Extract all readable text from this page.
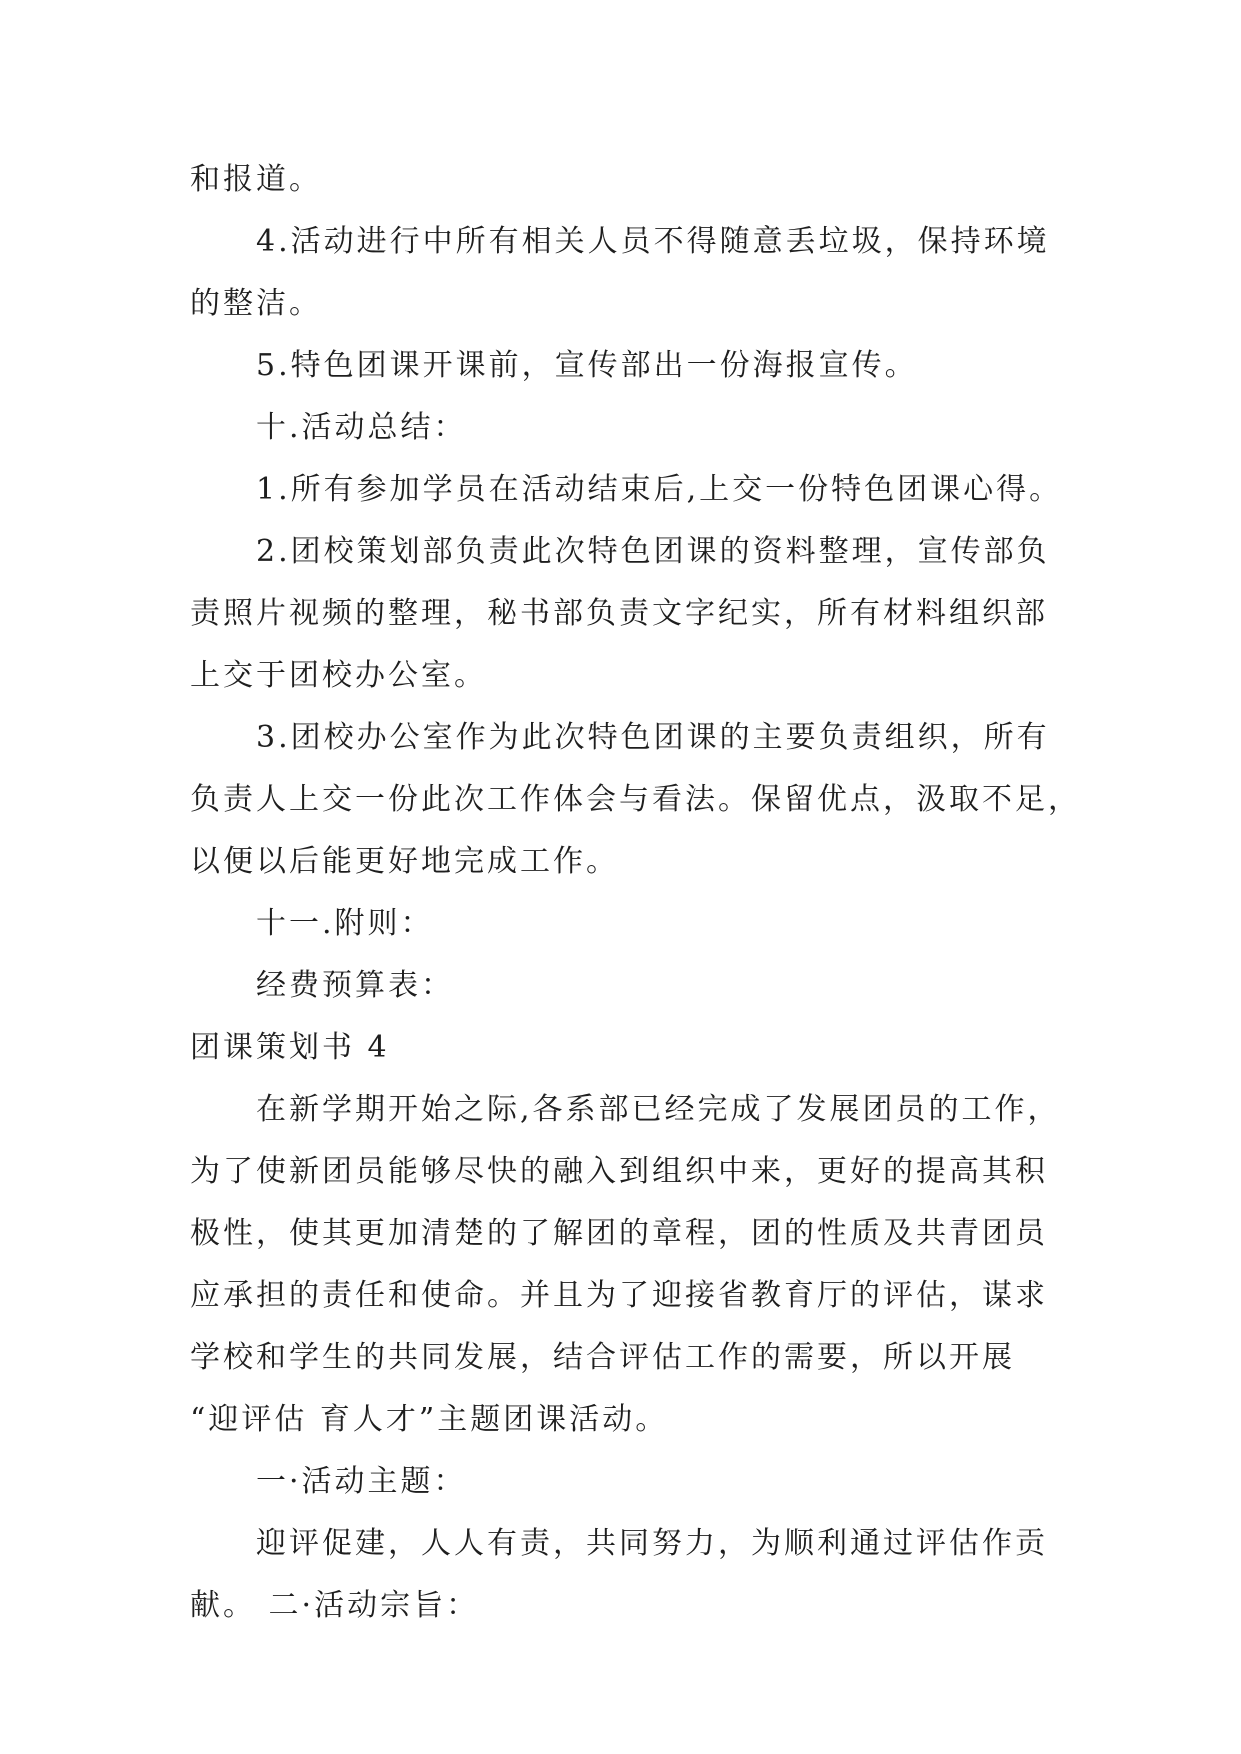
和报道。
4.活动进行中所有相关人员不得随意丢垃圾，保持环境
的整洁。
5.特色团课开课前，宣传部出一份海报宣传。
十.活动总结：
1.所有参加学员在活动结束后,上交一份特色团课心得。
2.团校策划部负责此次特色团课的资料整理，宣传部负
责照片视频的整理，秘书部负责文字纪实，所有材料组织部
上交于团校办公室。
3.团校办公室作为此次特色团课的主要负责组织，所有
负责人上交一份此次工作体会与看法。保留优点，汲取不足，
以便以后能更好地完成工作。
十一.附则：
经费预算表：
团课策划书 4
在新学期开始之际,各系部已经完成了发展团员的工作，
为了使新团员能够尽快的融入到组织中来，更好的提高其积
极性，使其更加清楚的了解团的章程，团的性质及共青团员
应承担的责任和使命。并且为了迎接省教育厅的评估，谋求
学校和学生的共同发展，结合评估工作的需要，所以开展
“迎评估 育人才”主题团课活动。
一·活动主题：
迎评促建，人人有责，共同努力，为顺利通过评估作贡
献。 二·活动宗旨：
